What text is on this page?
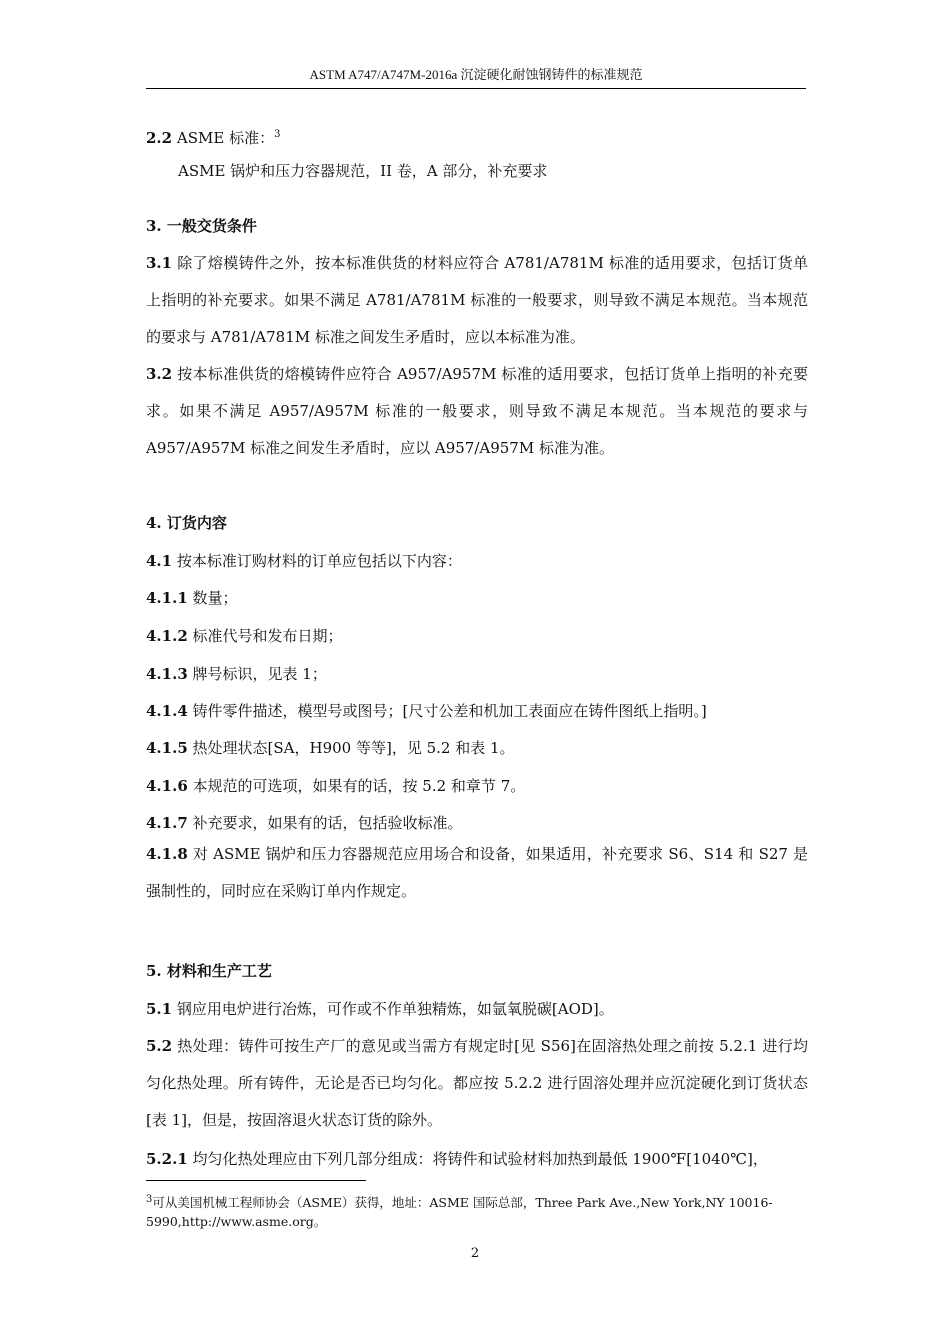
ASTM A747/A747M-2016a 沉淀硬化耐蚀钢铸件的标准规范
2.2 ASME 标准：$^3$
ASME 锅炉和压力容器规范，II 卷，A 部分，补充要求
3. 一般交货条件
3.1 除了熔模铸件之外，按本标准供货的材料应符合 A781/A781M 标准的适用要求，包括订货单上指明的补充要求。如果不满足 A781/A781M 标准的一般要求，则导致不满足本规范。当本规范的要求与 A781/A781M 标准之间发生矛盾时，应以本标准为准。
3.2 按本标准供货的熔模铸件应符合 A957/A957M 标准的适用要求，包括订货单上指明的补充要求。如果不满足 A957/A957M 标准的一般要求，则导致不满足本规范。当本规范的要求与 A957/A957M 标准之间发生矛盾时，应以 A957/A957M 标准为准。
4. 订货内容
4.1 按本标准订购材料的订单应包括以下内容：
4.1.1 数量；
4.1.2 标准代号和发布日期；
4.1.3 牌号标识，见表 1；
4.1.4 铸件零件描述，模型号或图号；[尺寸公差和机加工表面应在铸件图纸上指明。]
4.1.5 热处理状态[SA，H900 等等]，见 5.2 和表 1。
4.1.6 本规范的可选项，如果有的话，按 5.2 和章节 7。
4.1.7 补充要求，如果有的话，包括验收标准。
4.1.8 对 ASME 锅炉和压力容器规范应用场合和设备，如果适用，补充要求 S6、S14 和 S27 是强制性的，同时应在采购订单内作规定。
5. 材料和生产工艺
5.1 钢应用电炉进行冶炼，可作或不作单独精炼，如氩氧脱碳[AOD]。
5.2 热处理：铸件可按生产厂的意见或当需方有规定时[见 S56]在固溶热处理之前按 5.2.1 进行均匀化热处理。所有铸件，无论是否已均匀化。都应按 5.2.2 进行固溶处理并应沉淀硬化到订货状态[表 1]，但是，按固溶退火状态订货的除外。
5.2.1 均匀化热处理应由下列几部分组成：将铸件和试验材料加热到最低 1900℉[1040℃]，
$^3$可从美国机械工程师协会（ASME）获得，地址：ASME 国际总部，Three Park Ave.,New York,NY 10016-5990,http://www.asme.org。
2
